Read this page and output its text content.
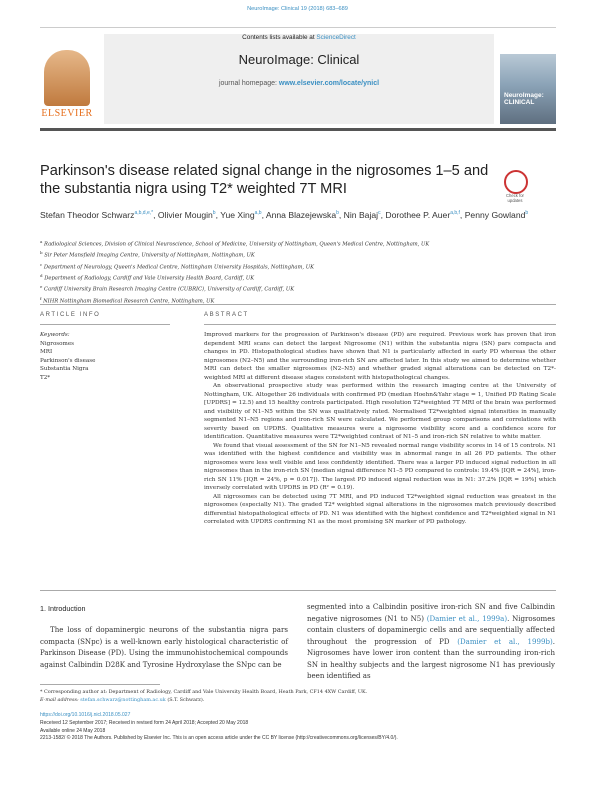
NeuroImage: Clinical 19 (2018) 683–689
ELSEVIER
Contents lists available at ScienceDirect
NeuroImage: Clinical
journal homepage: www.elsevier.com/locate/ynicl
NeuroImage: CLINICAL
Parkinson's disease related signal change in the nigrosomes 1–5 and the substantia nigra using T2* weighted 7T MRI	Check for updates
Stefan Theodor Schwarz$^{a,b,d,e,*}$, Olivier Mougin$^b$, Yue Xing$^{a,b}$, Anna Blazejewska$^b$, Nin Bajaj$^c$, Dorothee P. Auer$^{a,b,f}$, Penny Gowland$^b$
$^a$ Radiological Sciences, Division of Clinical Neuroscience, School of Medicine, University of Nottingham, Queen's Medical Centre, Nottingham, UK
$^b$ Sir Peter Mansfield Imaging Centre, University of Nottingham, Nottingham, UK
$^c$ Department of Neurology, Queen's Medical Centre, Nottingham University Hospitals, Nottingham, UK
$^d$ Department of Radiology, Cardiff and Vale University Health Board, Cardiff, UK
$^e$ Cardiff University Brain Research Imaging Centre (CUBRIC), University of Cardiff, Cardiff, UK
$^f$ NIHR Nottingham Biomedical Research Centre, Nottingham, UK
ARTICLE INFO	ABSTRACT
Keywords:
Nigrosomes
MRI
Parkinson's disease
Substantia Nigra
T2*

Improved markers for the progression of Parkinson's disease (PD) are required. Previous work has proven that iron dependent MRI scans can detect the largest Nigrosome (N1) within the substantia nigra (SN) pars compacta and changes in PD. Histopathological studies have shown that N1 is particularly affected in early PD whereas the other nigrosomes (N2–N5) and the surrounding iron-rich SN are affected later. In this study we aimed to determine whether MRI can detect the smaller nigrosomes (N2–N5) and whether graded signal alterations can be detected on T2*-weighted MRI at different disease stages consistent with histopathological changes.

An observational prospective study was performed within the research imaging centre at the University of Nottingham, UK. Altogether 26 individuals with confirmed PD (median Hoehn&Yahr stage = 1, Unified PD Rating Scale [UPDRS] = 12.5) and 15 healthy controls participated. High resolution T2*weighted 7T MRI of the brain was performed and visibility of N1–N5 within the SN was qualitatively rated. Normalised T2*weighted signal intensities in manually segmented N1–N5 regions and iron-rich SN were calculated. We performed group comparisons and correlations with severity based on UPDRS. Qualitative measures were a nigrosome visibility score and a confidence score for identification. Quantitative measures were T2*weighted contrast of N1–5 and iron-rich SN relative to white matter.

We found that visual assessment of the SN for N1–N5 revealed normal range visibility scores in 14 of 15 controls. N1 was identified with the highest confidence and visibility was in abnormal range in all 26 PD patients. The other nigrosomes were less well visible and less confidently identified. There was a larger PD induced signal reduction in all nigrosomes than in the iron-rich SN (median signal difference N1–5 PD compared to controls: 19.4% [IQR = 24%], iron-rich SN 11% [IQR = 24%, p = 0.017]). The largest PD induced signal reduction was in N1: 37.2% [IQR = 19%] which inversely correlated with UPDRS in PD (R² = 0.19).

All nigrosomes can be detected using 7T MRI, and PD induced T2*weighted signal reduction was greatest in the nigrosomes (especially N1). The graded T2* weighted signal alterations in the nigrosomes match previously described differential histopathological effects of PD. N1 was identified with the highest confidence and T2*weighted signal in N1 correlated with UPDRS confirming N1 as the most promising SN marker of PD pathology.

1. Introduction

The loss of dopaminergic neurons of the substantia nigra pars compacta (SNpc) is a well-known early histological characteristic of Parkinson Disease (PD). Using the immunohistochemical compounds against Calbindin D28K and Tyrosine Hydroxylase the SNpc can be

segmented into a Calbindin positive iron-rich SN and five Calbindin negative nigrosomes (N1 to N5) (Damier et al., 1999a). Nigrosomes contain clusters of dopaminergic cells and are sequentially affected throughout the progression of PD (Damier et al., 1999b). Nigrosomes have lower iron content than the surrounding iron-rich SN in healthy subjects and the largest nigrosome N1 has previously been identified as

* Corresponding author at: Department of Radiology, Cardiff and Vale University Health Board, Heath Park, CF14 4XW Cardiff, UK.
E-mail address: stefan.schwarz@nottingham.ac.uk (S.T. Schwarz).
https://doi.org/10.1016/j.nicl.2018.05.027
Received 12 September 2017; Received in revised form 24 April 2018; Accepted 20 May 2018
Available online 24 May 2018
2213-1582/ © 2018 The Authors. Published by Elsevier Inc. This is an open access article under the CC BY license (http://creativecommons.org/licenses/BY/4.0/).
